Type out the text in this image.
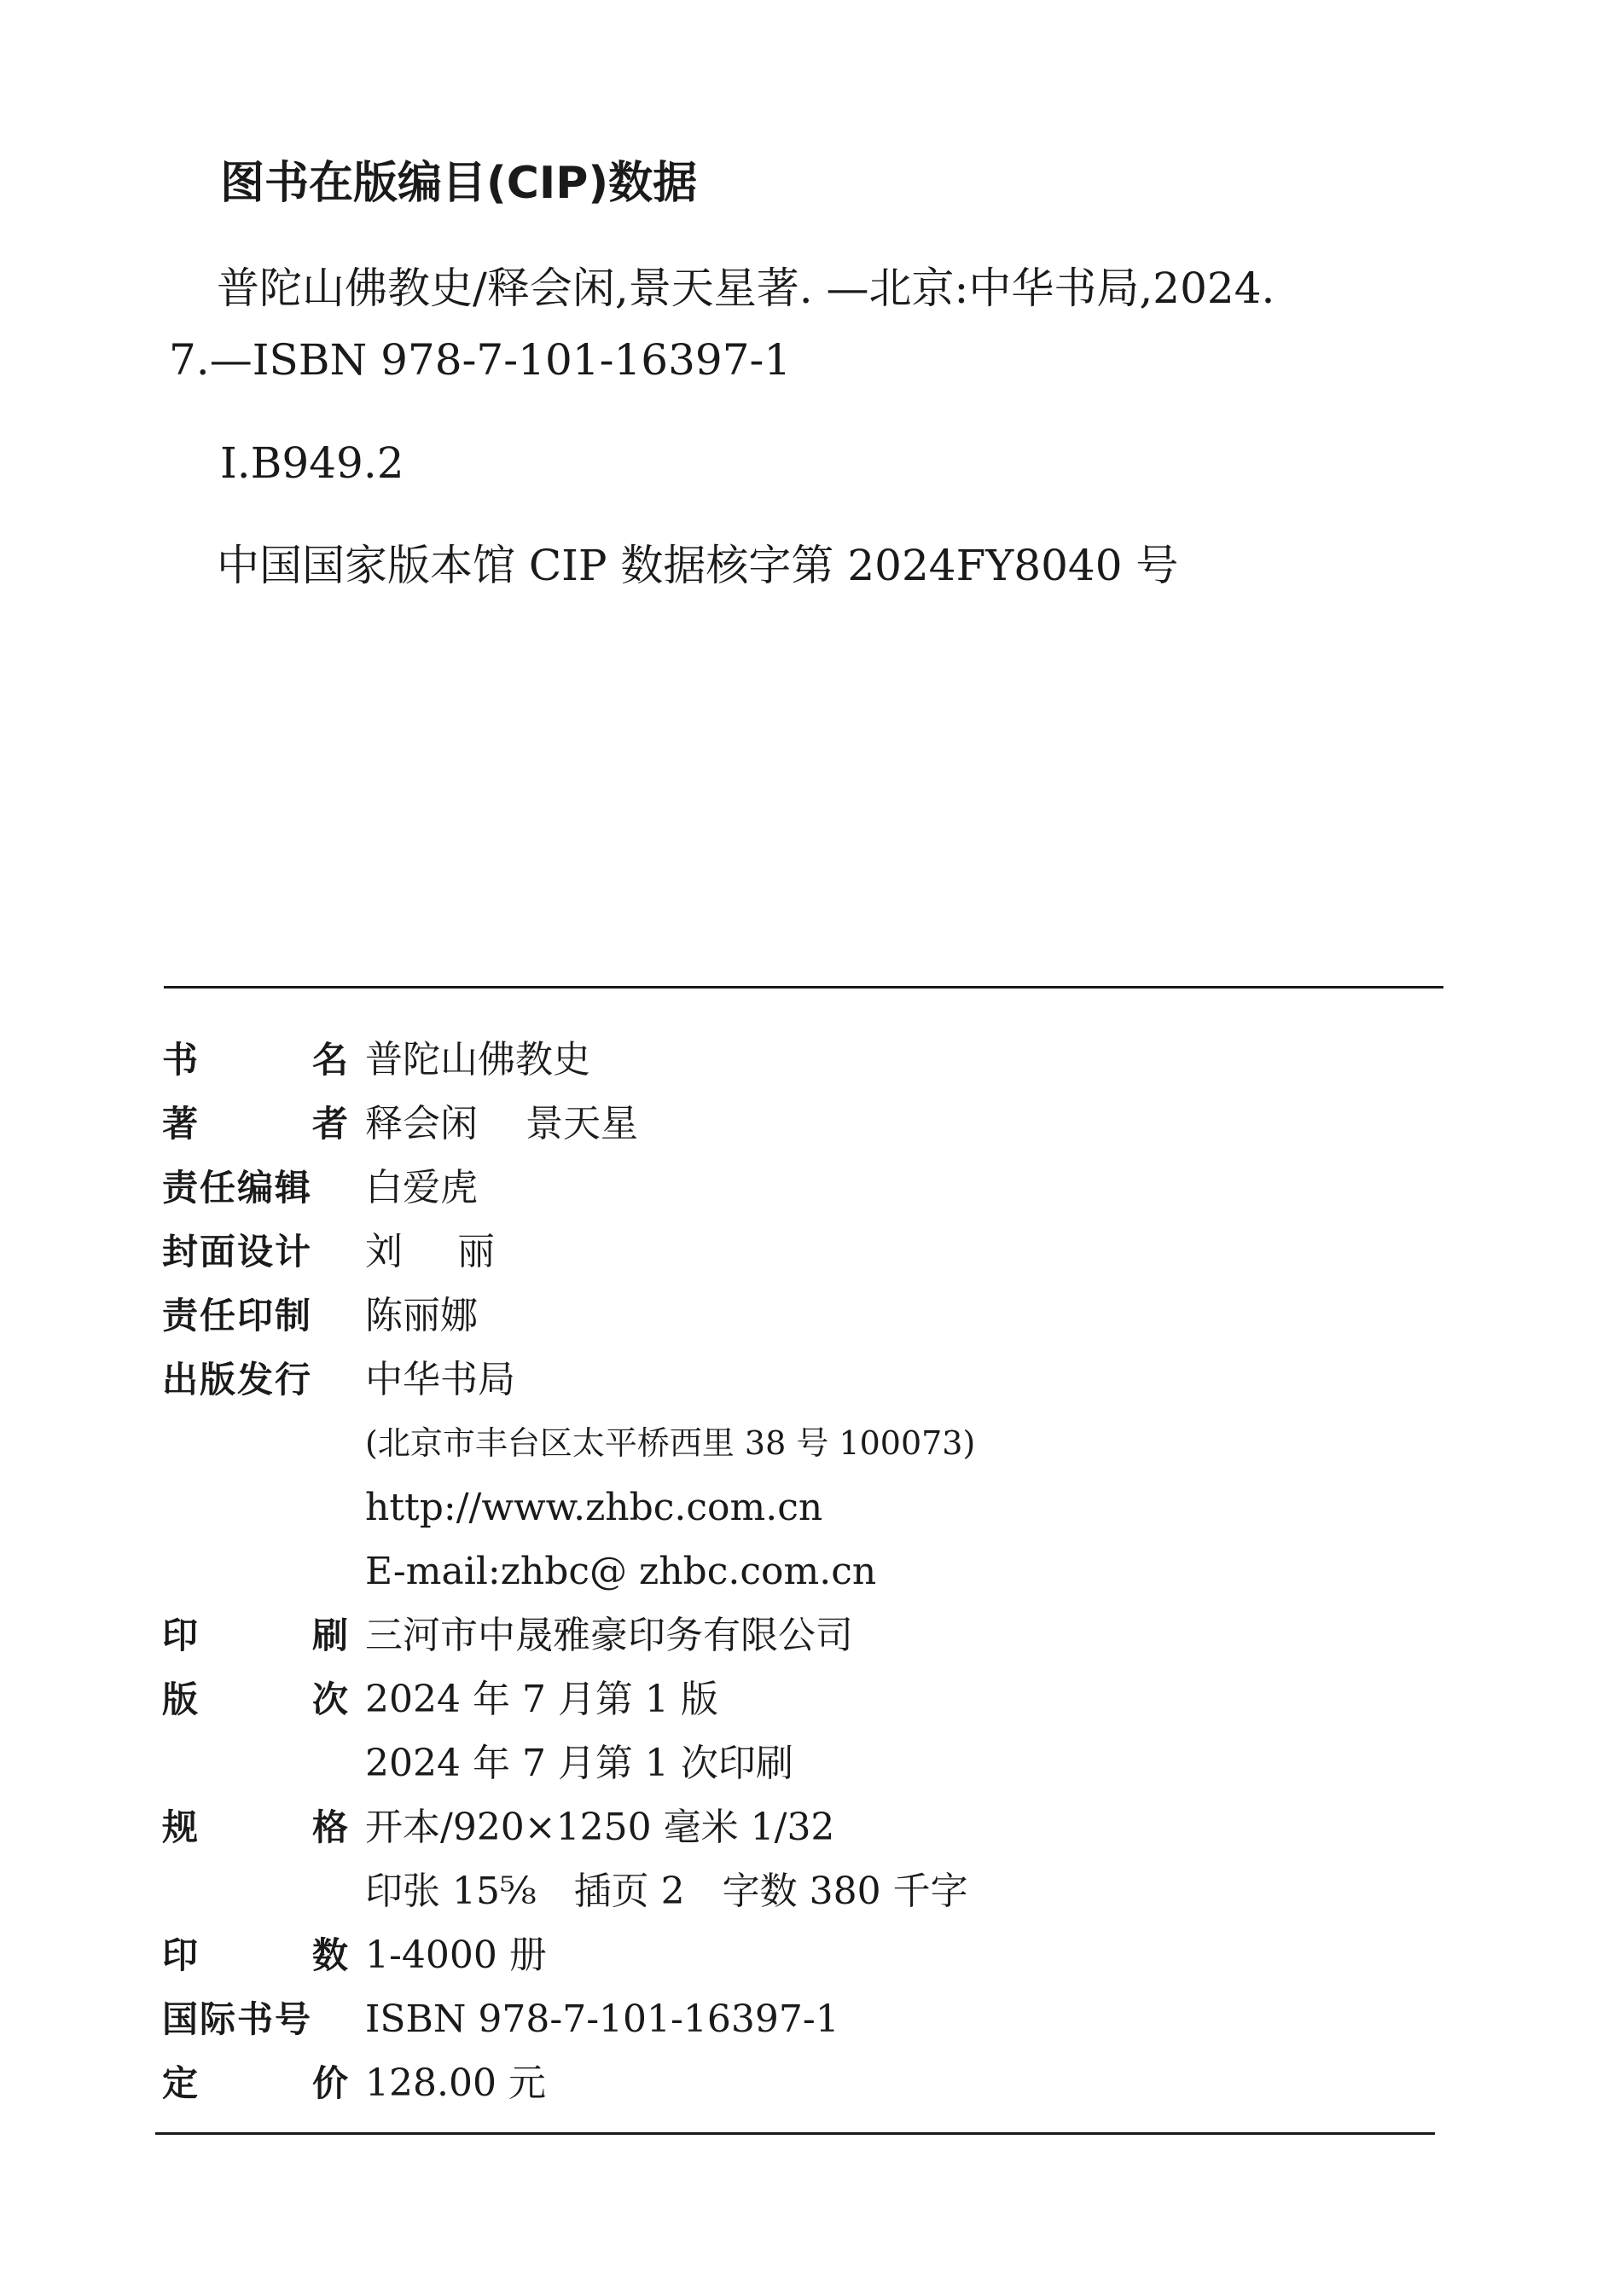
图书在版编目(CIP)数据

普陀山佛教史/释会闲,景天星著. —北京:中华书局,2024.
7.—ISBN 978-7-101-16397-1

Ⅰ.B949.2
中国国家版本馆 CIP 数据核字第 2024FY8040 号
书	名 普陀山佛教史
著	者 释会闲 景天星
责任编辑	白爱虎
封面设计	刘 丽
责任印制	陈丽娜
出版发行	中华书局
(北京市丰台区太平桥西里 38 号 100073)
http://www.zhbc.com.cn
E-mail:zhbc@ zhbc.com.cn
印	刷 三河市中晟雅豪印务有限公司
版	次 2024 年 7 月第 1 版
2024 年 7 月第 1 次印刷
规	格 开本/920×1250 毫米 1/32
印张 15⅝ 插页 2 字数 380 千字
印	数 1-4000 册
国际书号	ISBN 978-7-101-16397-1
定	价 128.00 元
